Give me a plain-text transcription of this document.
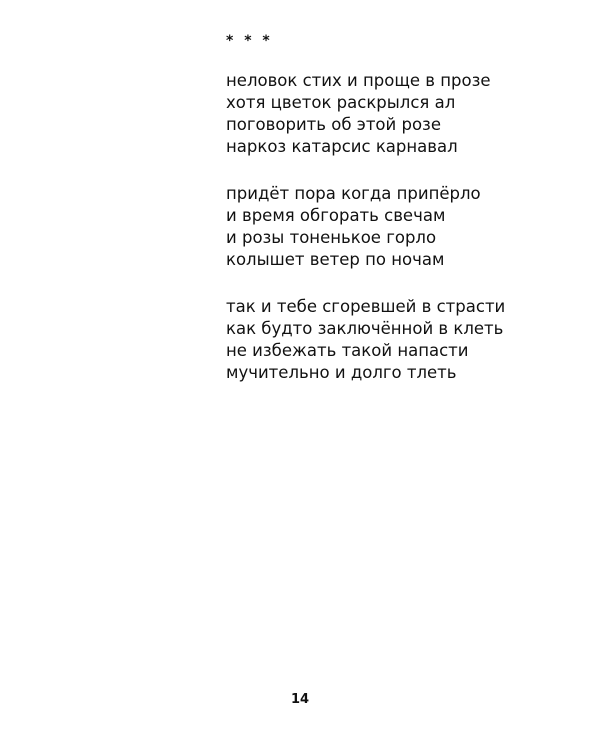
* * *
неловок стих и проще в прозе
хотя цветок раскрылся ал
поговорить об этой розе
наркоз катарсис карнавал
придёт пора когда припёрло
и время обгорать свечам
и розы тоненькое горло
колышет ветер по ночам
так и тебе сгоревшей в страсти
как будто заключённой в клеть
не избежать такой напасти
мучительно и долго тлеть
14
